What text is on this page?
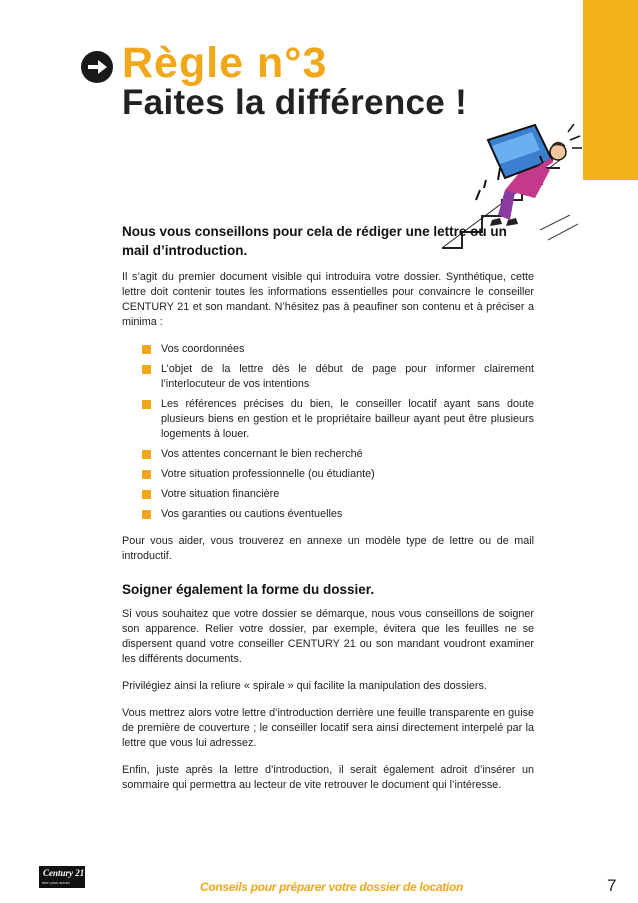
Règle n°3
Faites la différence !

Nous vous conseillons pour cela de rédiger une lettre ou un mail d’introduction.

Il s’agit du premier document visible qui introduira votre dossier. Synthétique, cette lettre doit contenir toutes les informations essentielles pour convaincre le conseiller CENTURY 21 et son mandant. N’hésitez pas à peaufiner son contenu et à préciser a minima :

Vos coordonnées
L’objet de la lettre dès le début de page pour informer clairement l’interlocuteur de vos intentions
Les références précises du bien, le conseiller locatif ayant sans doute plusieurs biens en gestion et le propriétaire bailleur ayant peut être plusieurs logements à louer.
Vos attentes concernant le bien recherché
Votre situation professionnelle (ou étudiante)
Votre situation financière
Vos garanties ou cautions éventuelles

Pour vous aider, vous trouverez en annexe un modèle type de lettre ou de mail introductif.

Soigner également la forme du dossier.

Si vous souhaitez que votre dossier se démarque, nous vous conseillons de soigner son apparence. Relier votre dossier, par exemple, évitera que les feuilles ne se dispersent quand votre conseiller CENTURY 21 ou son mandant voudront examiner les différents documents.

Privilégiez ainsi la reliure « spirale » qui facilite la manipulation des dossiers.

Vous mettrez alors votre lettre d’introduction derrière une feuille transparente en guise de première de couverture ; le conseiller locatif sera ainsi directement interpelé par la lettre que vous lui adressez.

Enfin, juste après la lettre d’introduction, il serait également adroit d’insérer un sommaire qui permettra au lecteur de vite retrouver le document qui l’intéresse.

Century 21
bien plus actuel	Conseils pour préparer votre dossier de location	7
